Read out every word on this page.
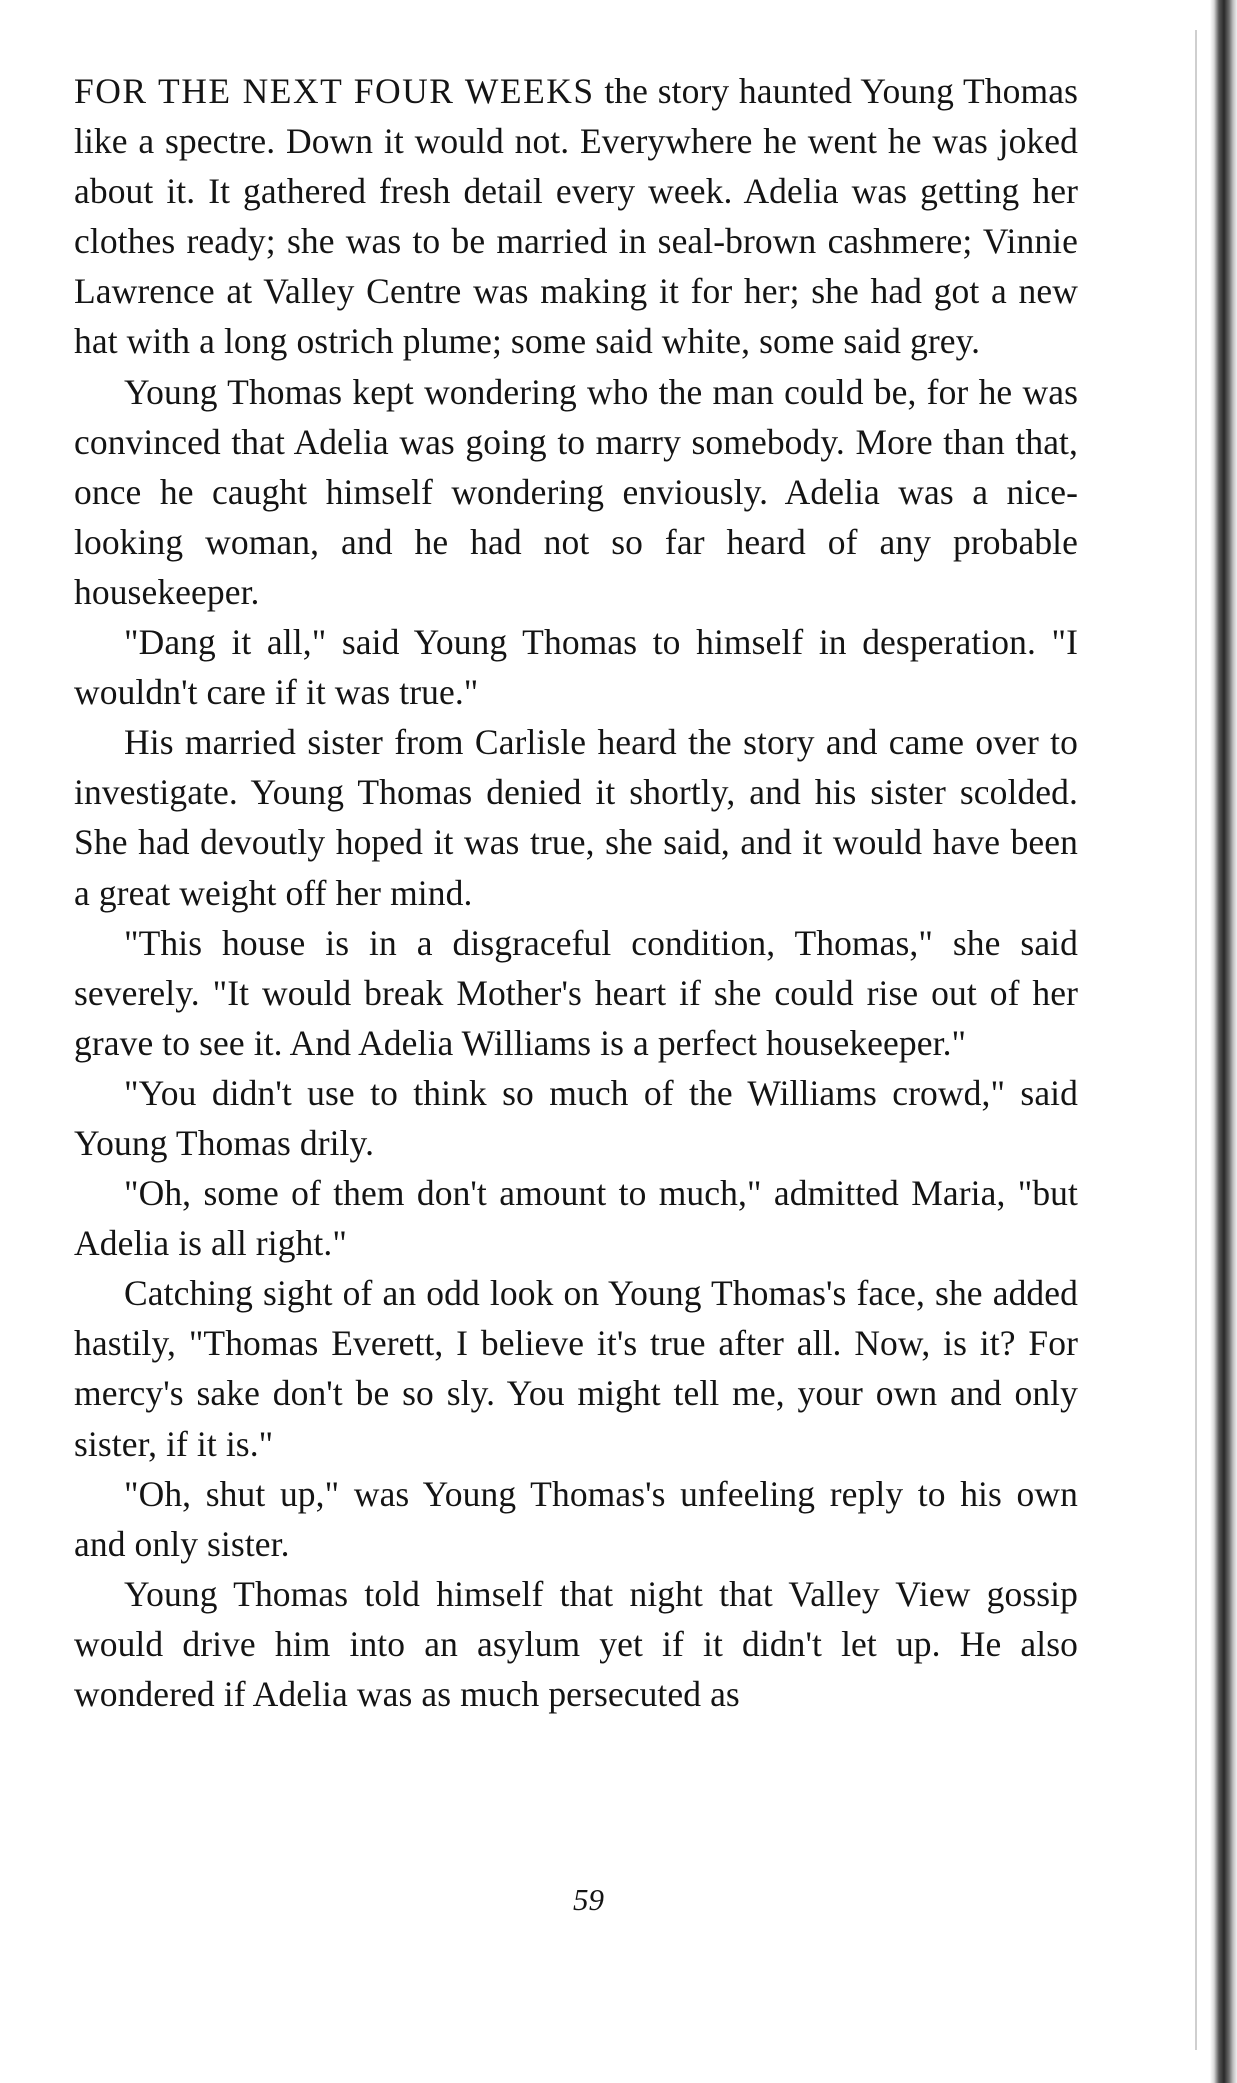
FOR THE NEXT FOUR WEEKS the story haunted Young Thomas like a spectre. Down it would not. Everywhere he went he was joked about it. It gathered fresh detail every week. Adelia was getting her clothes ready; she was to be married in seal-brown cashmere; Vinnie Lawrence at Valley Centre was making it for her; she had got a new hat with a long ostrich plume; some said white, some said grey.

Young Thomas kept wondering who the man could be, for he was convinced that Adelia was going to marry somebody. More than that, once he caught himself wondering enviously. Adelia was a nice-looking woman, and he had not so far heard of any probable housekeeper.

"Dang it all," said Young Thomas to himself in desperation. "I wouldn't care if it was true."

His married sister from Carlisle heard the story and came over to investigate. Young Thomas denied it shortly, and his sister scolded. She had devoutly hoped it was true, she said, and it would have been a great weight off her mind.

"This house is in a disgraceful condition, Thomas," she said severely. "It would break Mother's heart if she could rise out of her grave to see it. And Adelia Williams is a perfect housekeeper."

"You didn't use to think so much of the Williams crowd," said Young Thomas drily.

"Oh, some of them don't amount to much," admitted Maria, "but Adelia is all right."

Catching sight of an odd look on Young Thomas's face, she added hastily, "Thomas Everett, I believe it's true after all. Now, is it? For mercy's sake don't be so sly. You might tell me, your own and only sister, if it is."

"Oh, shut up," was Young Thomas's unfeeling reply to his own and only sister.

Young Thomas told himself that night that Valley View gossip would drive him into an asylum yet if it didn't let up. He also wondered if Adelia was as much persecuted as

59
